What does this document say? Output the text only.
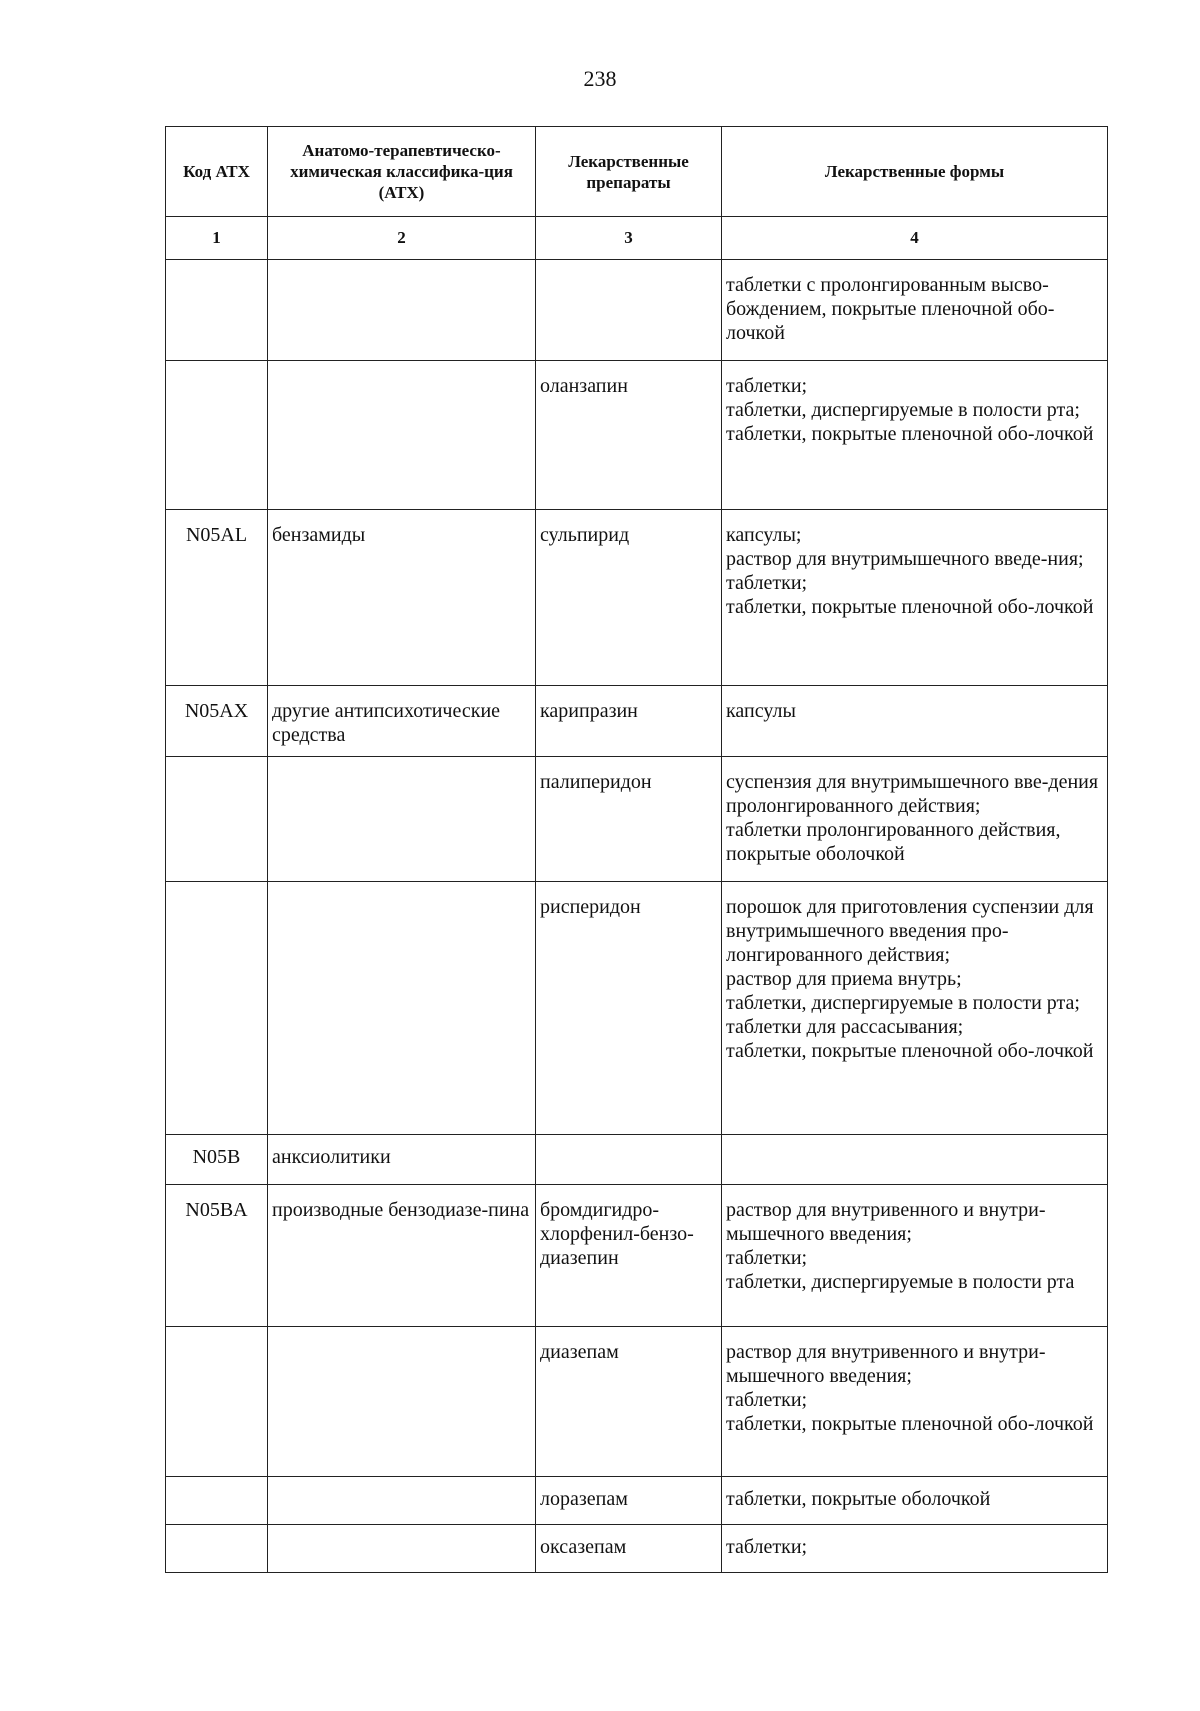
238
Код АТХ	Анатомо-терапевтическо-химическая классифика-ция (АТХ)	Лекарственные препараты	Лекарственные формы
1	2	3	4

			таблетки с пролонгированным высво-бождением, покрытые пленочной обо-лочкой

		оланзапин	таблетки;
таблетки, диспергируемые в полости рта;
таблетки, покрытые пленочной обо-лочкой

N05AL	бензамиды	сульпирид	капсулы;
раствор для внутримышечного введе-ния;
таблетки;
таблетки, покрытые пленочной обо-лочкой

N05AX	другие антипсихотические средства	карипразин	капсулы

		палиперидон	суспензия для внутримышечного вве-дения пролонгированного действия;
таблетки пролонгированного действия, покрытые оболочкой

		рисперидон	порошок для приготовления суспензии для внутримышечного введения про-лонгированного действия;
раствор для приема внутрь;
таблетки, диспергируемые в полости рта;
таблетки для рассасывания;
таблетки, покрытые пленочной обо-лочкой

N05B	анксиолитики		
N05BA	производные бензодиазе-пина	бромдигидро-хлорфенил-бензо-диазепин	раствор для внутривенного и внутри-мышечного введения;
таблетки;
таблетки, диспергируемые в полости рта

		диазепам	раствор для внутривенного и внутри-мышечного введения;
таблетки;
таблетки, покрытые пленочной обо-лочкой

		лоразепам	таблетки, покрытые оболочкой

		оксазепам	таблетки;
